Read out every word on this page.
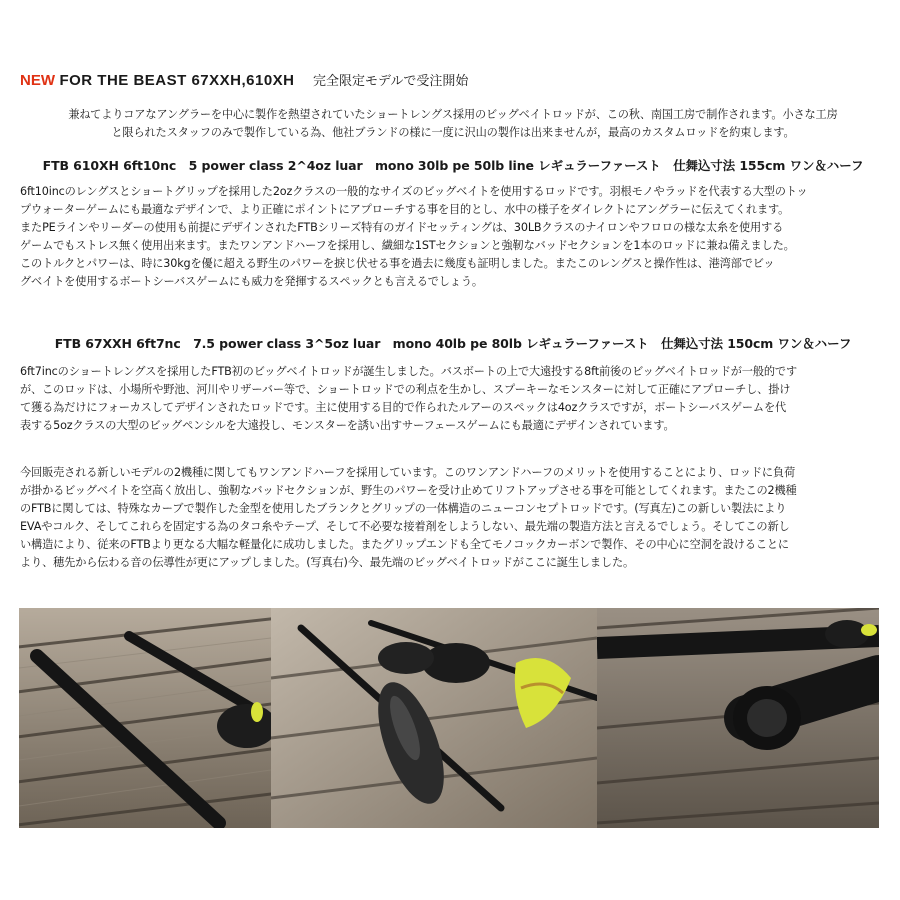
NEW FOR THE BEAST 67XXH,610XH 完全限定モデルで受注開始
兼ねてよりコアなアングラーを中心に製作を熱望されていたショートレングス採用のビッグベイトロッドが、この秋、南国工房で制作されます。小さな工房
と限られたスタッフのみで製作している為、他社ブランドの様に一度に沢山の製作は出来ませんが，最高のカスタムロッドを約束します。
FTB 610XH 6ft10nc　5 power class 2^4oz luar　mono 30lb pe 50lb line レギュラーファースト　仕舞込寸法 155cm ワン＆ハーフ
6ft10incのレングスとショートグリップを採用した2ozクラスの一般的なサイズのビッグベイトを使用するロッドです。羽根モノやラッドを代表する大型のトッ
プウォーターゲームにも最適なデザインで、より正確にポイントにアプローチする事を目的とし、水中の様子をダイレクトにアングラーに伝えてくれます。
またPEラインやリーダーの使用も前提にデザインされたFTBシリーズ特有のガイドセッティングは、30LBクラスのナイロンやフロロの様な太糸を使用する
ゲームでもストレス無く使用出来ます。またワンアンドハーフを採用し、繊細な1STセクションと強靭なバッドセクションを1本のロッドに兼ね備えました。
このトルクとパワーは、時に30kgを優に超える野生のパワーを捩じ伏せる事を過去に幾度も証明しました。またこのレングスと操作性は、港湾部でビッ
グベイトを使用するボートシーバスゲームにも威力を発揮するスペックとも言えるでしょう。
FTB 67XXH 6ft7nc　7.5 power class 3^5oz luar　mono 40lb pe 80lb レギュラーファースト　仕舞込寸法 150cm ワン＆ハーフ
6ft7incのショートレングスを採用したFTB初のビッグベイトロッドが誕生しました。バスボートの上で大遠投する8ft前後のビッグベイトロッドが一般的です
が、このロッドは、小場所や野池、河川やリザーバー等で、ショートロッドでの利点を生かし、スプーキーなモンスターに対して正確にアプローチし、掛け
て獲る為だけにフォーカスしてデザインされたロッドです。主に使用する目的で作られたルアーのスペックは4ozクラスですが，ボートシーバスゲームを代
表する5ozクラスの大型のビッグペンシルを大遠投し、モンスターを誘い出すサーフェースゲームにも最適にデザインされています。
今回販売される新しいモデルの2機種に関してもワンアンドハーフを採用しています。このワンアンドハーフのメリットを使用することにより、ロッドに負荷
が掛かるビッグベイトを空高く放出し、強靭なバッドセクションが、野生のパワーを受け止めてリフトアップさせる事を可能としてくれます。またこの2機種
のFTBに関しては、特殊なカーブで製作した金型を使用したブランクとグリップの一体構造のニューコンセプトロッドです。(写真左)この新しい製法により
EVAやコルク、そしてこれらを固定する為のタコ糸やテープ、そして不必要な接着剤をしようしない、最先端の製造方法と言えるでしょう。そしてこの新し
い構造により、従来のFTBより更なる大幅な軽量化に成功しました。またグリップエンドも全てモノコックカーボンで製作、その中心に空洞を設けることに
より、穂先から伝わる音の伝導性が更にアップしました。(写真右)今、最先端のビッグベイトロッドがここに誕生しました。
